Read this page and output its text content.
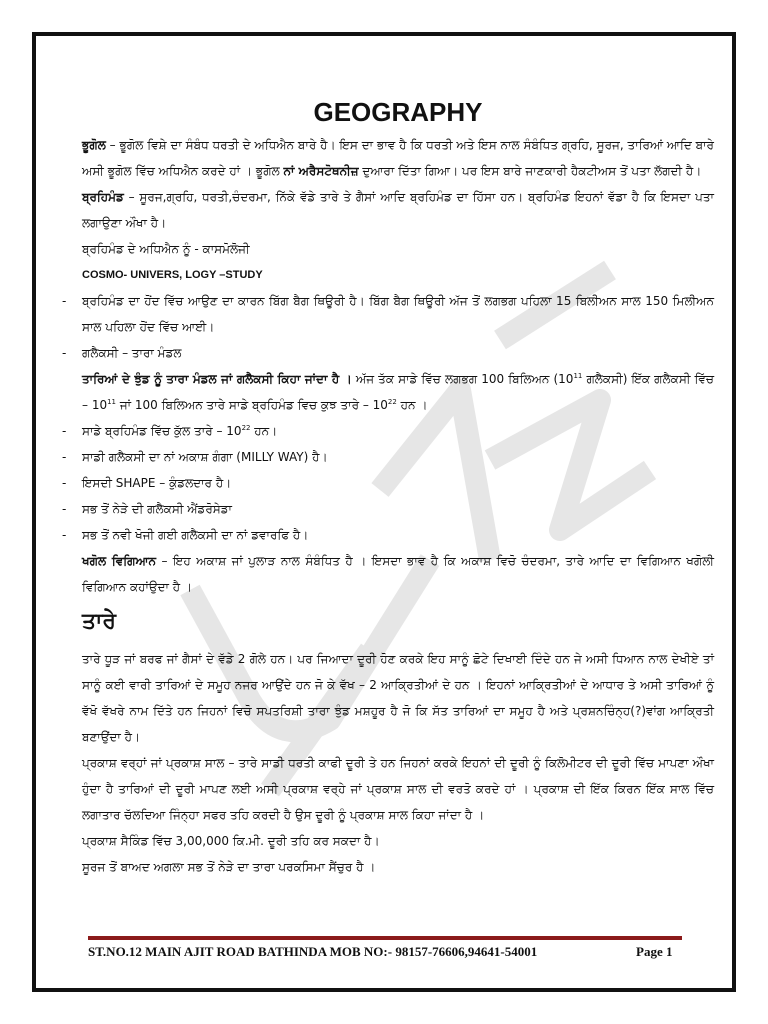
GEOGRAPHY

ਭੂਗੋਲ – ਭੂਗੋਲ ਵਿਸ਼ੇ ਦਾ ਸੰਬੰਧ ਧਰਤੀ ਦੇ ਅਧਿਐਨ ਬਾਰੇ ਹੈ। ਇਸ ਦਾ ਭਾਵ ਹੈ ਕਿ ਧਰਤੀ ਅਤੇ ਇਸ ਨਾਲ ਸੰਬੰਧਿਤ ਗ੍ਰਹਿ, ਸੂਰਜ, ਤਾਰਿਆਂ ਆਦਿ ਬਾਰੇ ਅਸੀ ਭੂਗੋਲ ਵਿੱਚ ਅਧਿਐਨ ਕਰਦੇ ਹਾਂ । ਭੂਗੋਲ ਨਾਂ ਅਰੈਸਟੋਥਨੀਜ਼ ਦੁਆਰਾ ਦਿੱਤਾ ਗਿਆ। ਪਰ ਇਸ ਬਾਰੇ ਜਾਣਕਾਰੀ ਹੈਕਟੀਅਸ ਤੋਂ ਪਤਾ ਲੱਗਦੀ ਹੈ।

ਬ੍ਰਹਿਮੰਡ – ਸੂਰਜ,ਗ੍ਰਹਿ, ਧਰਤੀ,ਚੰਦਰਮਾ, ਨਿੱਕੇ ਵੱਡੇ ਤਾਰੇ ਤੇ ਗੈਸਾਂ ਆਦਿ ਬ੍ਰਹਿਮੰਡ ਦਾ ਹਿੱਸਾ ਹਨ। ਬ੍ਰਹਿਮੰਡ ਇਹਨਾਂ ਵੱਡਾ ਹੈ ਕਿ ਇਸਦਾ ਪਤਾ ਲਗਾਉਣਾ ਔਖਾ ਹੈ।

ਬ੍ਰਹਿਮੰਡ ਦੇ ਅਧਿਐਨ ਨੂੰ - ਕਾਸਮੋਲੋਜੀ

COSMO- UNIVERS, LOGY –STUDY

-	ਬ੍ਰਹਿਮੰਡ ਦਾ ਹੋਂਦ ਵਿੱਚ ਆਉਣ ਦਾ ਕਾਰਨ ਬਿੱਗ ਬੈਗ ਥਿਊਰੀ ਹੈ। ਬਿੱਗ ਬੈਗ ਥਿਊਰੀ ਅੱਜ ਤੋਂ ਲਗਭਗ ਪਹਿਲਾ 15 ਬਿਲੀਅਨ ਸਾਲ 150 ਮਿਲੀਅਨ ਸਾਲ ਪਹਿਲਾ ਹੋਂਦ ਵਿੱਚ ਆਈ।
-	ਗਲੈਕਸੀ – ਤਾਰਾ ਮੰਡਲ

ਤਾਰਿਆਂ ਦੇ ਝੁੰਡ ਨੂੰ ਤਾਰਾ ਮੰਡਲ ਜਾਂ ਗਲੈਕਸੀ ਕਿਹਾ ਜਾਂਦਾ ਹੈ । ਅੱਜ ਤੱਕ ਸਾਡੇ ਵਿੱਚ ਲਗਭਗ 100 ਬਿਲਿਅਨ ($10^{11}$ ਗਲੈਕਸੀ) ਇੱਕ ਗਲੈਕਸੀ ਵਿੱਚ – $10^{11}$ ਜਾਂ 100 ਬਿਲਿਅਨ ਤਾਰੇ ਸਾਡੇ ਬ੍ਰਹਿਮੰਡ ਵਿਚ ਕੁਝ ਤਾਰੇ – $10^{22}$ ਹਨ ।

-	ਸਾਡੇ ਬ੍ਰਹਿਮੰਡ ਵਿੱਚ ਕੁੱਲ ਤਾਰੇ – $10^{22}$ ਹਨ।
-	ਸਾਡੀ ਗਲੈਕਸੀ ਦਾ ਨਾਂ ਅਕਾਸ਼ ਗੰਗਾ (MILLY WAY) ਹੈ।
-	ਇਸਦੀ SHAPE – ਕੁੰਡਲਦਾਰ ਹੈ।
-	ਸਭ ਤੋਂ ਨੇੜੇ ਦੀ ਗਲੈਕਸੀ ਐਂਡਰੋਸੇਡਾ
-	ਸਭ ਤੋਂ ਨਵੀ ਖੋਜੀ ਗਈ ਗਲੈਕਸੀ ਦਾ ਨਾਂ ਡਵਾਰਫਿ ਹੈ।

ਖਗੋਲ ਵਿਗਿਆਨ – ਇਹ ਅਕਾਸ਼ ਜਾਂ ਪੁਲਾੜ ਨਾਲ ਸੰਬੰਧਿਤ ਹੈ । ਇਸਦਾ ਭਾਵ ਹੈ ਕਿ ਅਕਾਸ਼ ਵਿਚੋ ਚੰਦਰਮਾ, ਤਾਰੇ ਆਦਿ ਦਾ ਵਿਗਿਆਨ ਖਗੋਲੀ ਵਿਗਿਆਨ ਕਹਾਂਉਦਾ ਹੈ ।

ਤਾਰੇ

ਤਾਰੇ ਧੂੜ ਜਾਂ ਬਰਫ ਜਾਂ ਗੈਸਾਂ ਦੇ ਵੱਡੇ 2 ਗੋਲੇ ਹਨ। ਪਰ ਜਿਆਦਾ ਦੂਰੀ ਹੋਣ ਕਰਕੇ ਇਹ ਸਾਨੂੰ ਛੋਟੇ ਦਿਖਾਈ ਦਿੰਦੇ ਹਨ ਜੇ ਅਸੀ ਧਿਆਨ ਨਾਲ ਦੇਖੀਏ ਤਾਂ ਸਾਨੂੰ ਕਈ ਵਾਰੀ ਤਾਰਿਆਂ ਦੇ ਸਮੂਹ ਨਜਰ ਆਉਂਦੇ ਹਨ ਜੋ ਕੇ ਵੱਖ – 2 ਆਕ੍ਰਿਤੀਆਂ ਦੇ ਹਨ । ਇਹਨਾਂ ਆਕ੍ਰਿਤੀਆਂ ਦੇ ਆਧਾਰ ਤੇ ਅਸੀ ਤਾਰਿਆਂ ਨੂੰ ਵੱਖੋ ਵੱਖਰੇ ਨਾਮ ਦਿੱਤੇ ਹਨ ਜਿਹਨਾਂ ਵਿਚੋ ਸਪਤਰਿਸ਼ੀ ਤਾਰਾ ਝੁੰਡ ਮਸ਼ਹੂਰ ਹੈ ਜੋ ਕਿ ਸੱਤ ਤਾਰਿਆਂ ਦਾ ਸਮੂਹ ਹੈ ਅਤੇ ਪ੍ਰਸ਼ਨਚਿੰਨ੍ਹ(?)ਵਾਂਗ ਆਕ੍ਰਿਤੀ ਬਣਾਉਂਦਾ ਹੈ।

ਪ੍ਰਕਾਸ਼ ਵਰ੍ਹਾਂ ਜਾਂ ਪ੍ਰਕਾਸ਼ ਸਾਲ – ਤਾਰੇ ਸਾਡੀ ਧਰਤੀ ਕਾਫੀ ਦੂਰੀ ਤੇ ਹਨ ਜਿਹਨਾਂ ਕਰਕੇ ਇਹਨਾਂ ਦੀ ਦੂਰੀ ਨੂੰ ਕਿਲੋਮੀਟਰ ਦੀ ਦੂਰੀ ਵਿੱਚ ਮਾਪਣਾ ਔਖਾ ਹੁੰਦਾ ਹੈ ਤਾਰਿਆਂ ਦੀ ਦੂਰੀ ਮਾਪਣ ਲਈ ਅਸੀ ਪ੍ਰਕਾਸ਼ ਵਰ੍ਹੇ ਜਾਂ ਪ੍ਰਕਾਸ਼ ਸਾਲ ਦੀ ਵਰਤੋ ਕਰਦੇ ਹਾਂ । ਪ੍ਰਕਾਸ਼ ਦੀ ਇੱਕ ਕਿਰਨ ਇੱਕ ਸਾਲ ਵਿੱਚ ਲਗਾਤਾਰ ਚੱਲਦਿਆ ਜਿੰਨ੍ਹਾ ਸਫਰ ਤਹਿ ਕਰਦੀ ਹੈ ਉਸ ਦੂਰੀ ਨੂੰ ਪ੍ਰਕਾਸ਼ ਸਾਲ ਕਿਹਾ ਜਾਂਦਾ ਹੈ ।

ਪ੍ਰਕਾਸ਼ ਸੈਕਿੰਡ ਵਿੱਚ 3,00,000 ਕਿ.ਮੀ. ਦੂਰੀ ਤਹਿ ਕਰ ਸਕਦਾ ਹੈ।

ਸੂਰਜ ਤੋਂ ਬਾਅਦ ਅਗਲਾ ਸਭ ਤੋਂ ਨੇੜੇ ਦਾ ਤਾਰਾ ਪਰਕਸਿਮਾ ਸੈਂਚੁਰ ਹੈ ।

ST.NO.12 MAIN AJIT ROAD BATHINDA MOB NO:- 98157-76606,94641-54001	Page 1
